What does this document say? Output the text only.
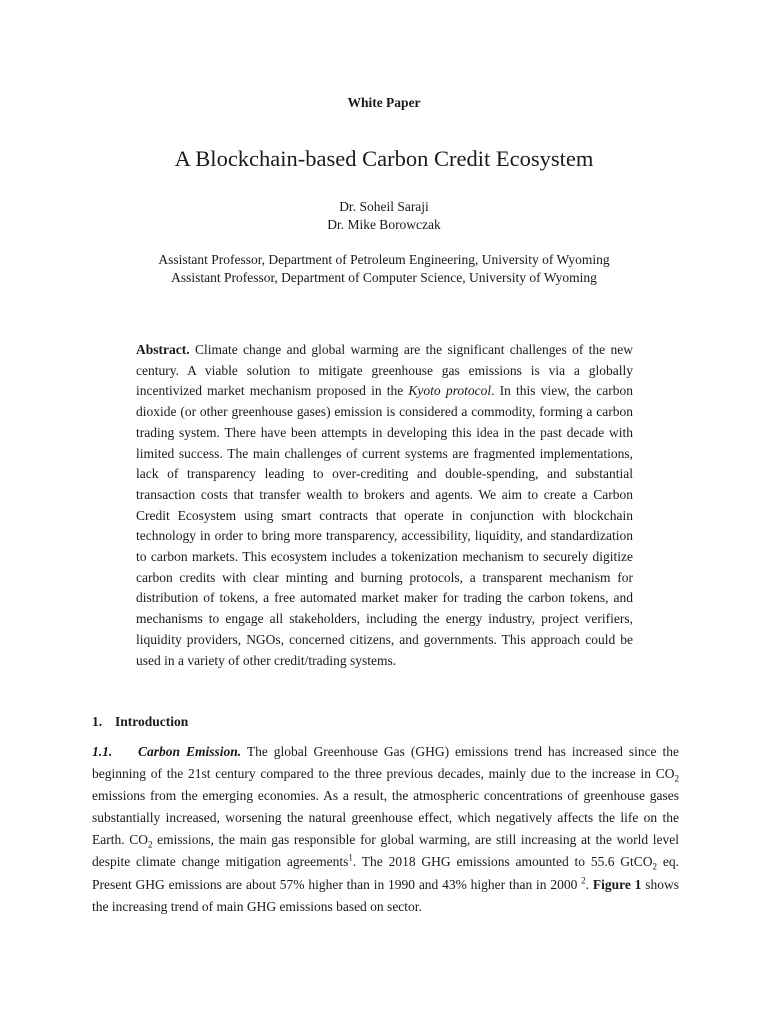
White Paper
A Blockchain-based Carbon Credit Ecosystem
Dr. Soheil Saraji
Dr. Mike Borowczak
Assistant Professor, Department of Petroleum Engineering, University of Wyoming
Assistant Professor, Department of Computer Science, University of Wyoming

Abstract. Climate change and global warming are the significant challenges of the new century. A viable solution to mitigate greenhouse gas emissions is via a globally incentivized market mechanism proposed in the Kyoto protocol. In this view, the carbon dioxide (or other greenhouse gases) emission is considered a commodity, forming a carbon trading system. There have been attempts in developing this idea in the past decade with limited success. The main challenges of current systems are fragmented implementations, lack of transparency leading to over-crediting and double-spending, and substantial transaction costs that transfer wealth to brokers and agents. We aim to create a Carbon Credit Ecosystem using smart contracts that operate in conjunction with blockchain technology in order to bring more transparency, accessibility, liquidity, and standardization to carbon markets. This ecosystem includes a tokenization mechanism to securely digitize carbon credits with clear minting and burning protocols, a transparent mechanism for distribution of tokens, a free automated market maker for trading the carbon tokens, and mechanisms to engage all stakeholders, including the energy industry, project verifiers, liquidity providers, NGOs, concerned citizens, and governments. This approach could be used in a variety of other credit/trading systems.

1. Introduction

1.1. Carbon Emission. The global Greenhouse Gas (GHG) emissions trend has increased since the beginning of the 21st century compared to the three previous decades, mainly due to the increase in $CO_2$ emissions from the emerging economies. As a result, the atmospheric concentrations of greenhouse gases substantially increased, worsening the natural greenhouse effect, which negatively affects the life on the Earth. $CO_2$ emissions, the main gas responsible for global warming, are still increasing at the world level despite climate change mitigation agreements$^1$. The 2018 GHG emissions amounted to 55.6 GtCO$_2$ eq. Present GHG emissions are about 57% higher than in 1990 and 43% higher than in 2000 $^2$. Figure 1 shows the increasing trend of main GHG emissions based on sector.
